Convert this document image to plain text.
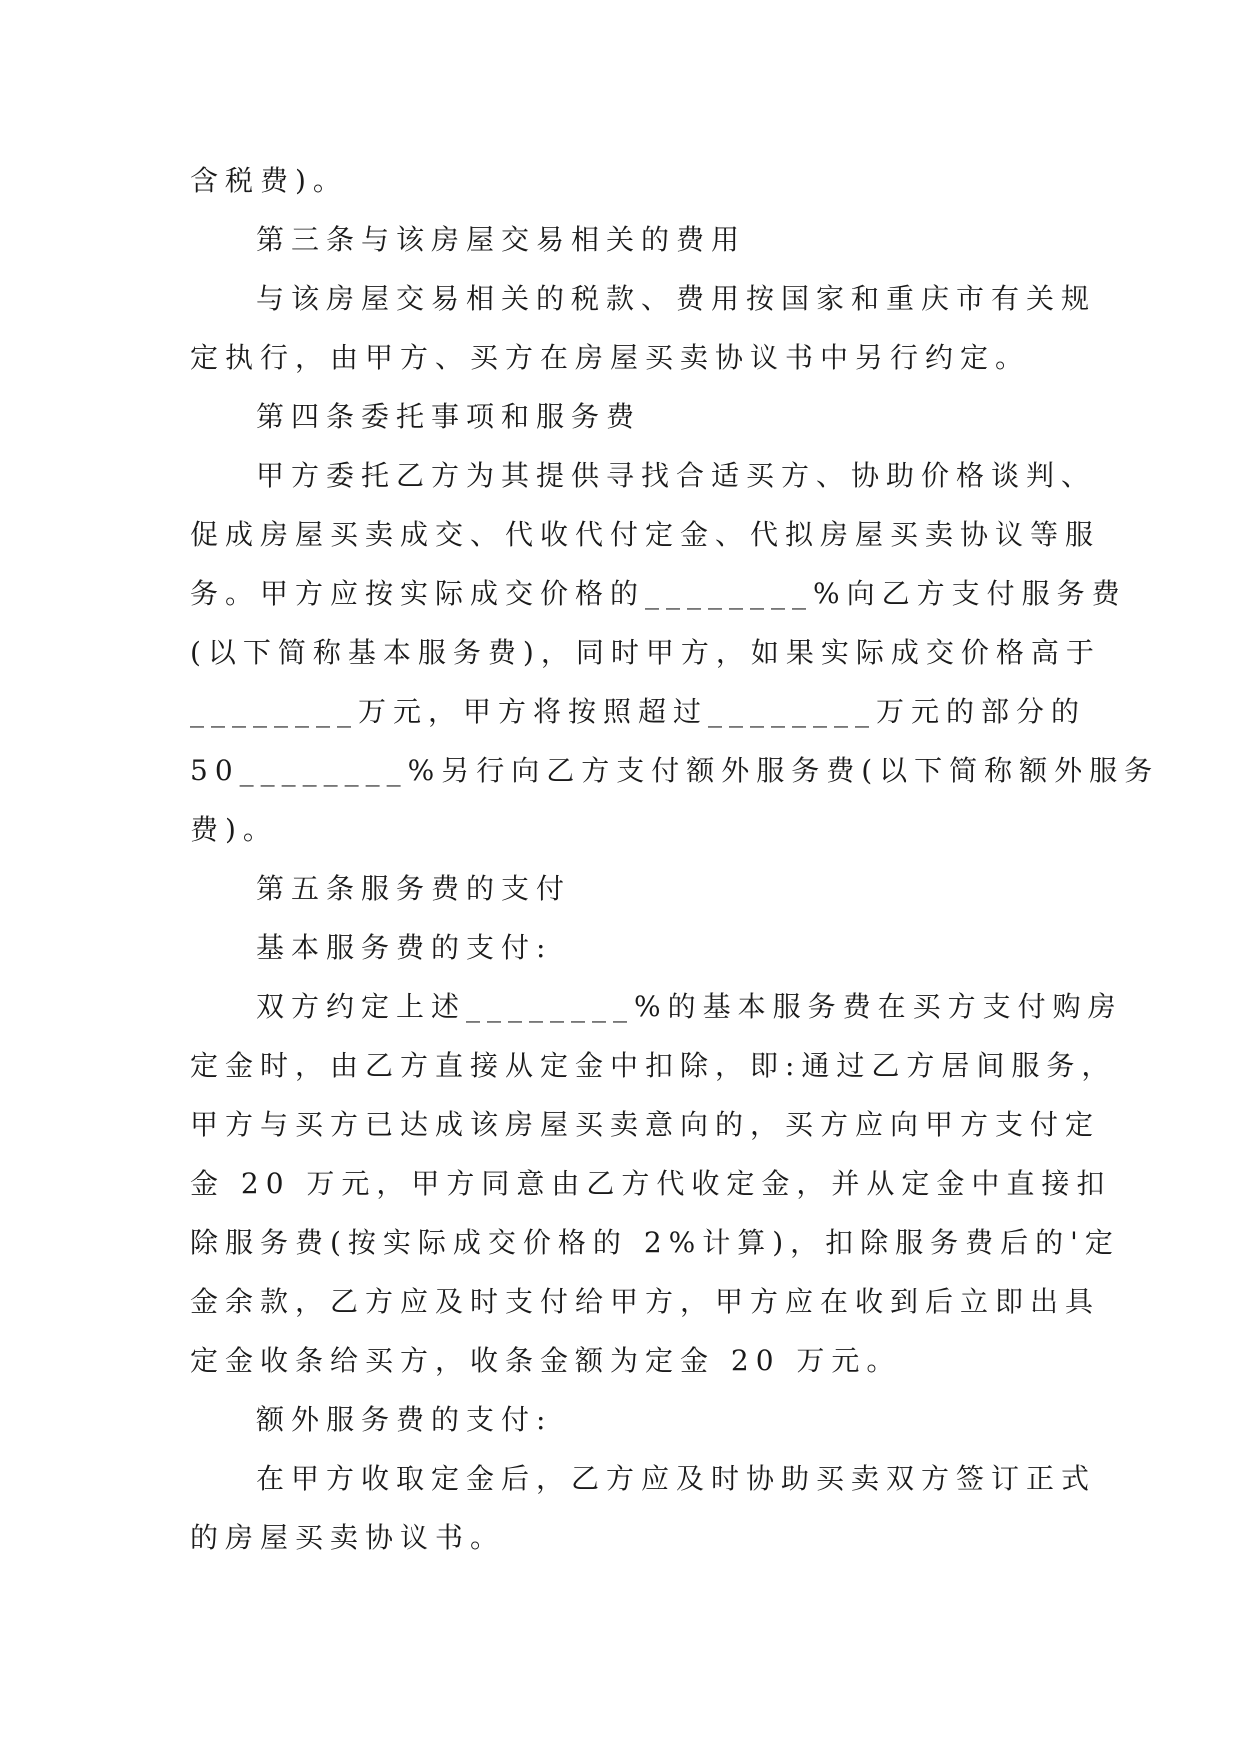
含税费)。
第三条与该房屋交易相关的费用
与该房屋交易相关的税款、费用按国家和重庆市有关规
定执行，由甲方、买方在房屋买卖协议书中另行约定。
第四条委托事项和服务费
甲方委托乙方为其提供寻找合适买方、协助价格谈判、
促成房屋买卖成交、代收代付定金、代拟房屋买卖协议等服
务。甲方应按实际成交价格的________%向乙方支付服务费
(以下简称基本服务费)，同时甲方，如果实际成交价格高于
________万元，甲方将按照超过________万元的部分的
50________%另行向乙方支付额外服务费(以下简称额外服务
费)。
第五条服务费的支付
基本服务费的支付:
双方约定上述________%的基本服务费在买方支付购房
定金时，由乙方直接从定金中扣除，即:通过乙方居间服务，
甲方与买方已达成该房屋买卖意向的，买方应向甲方支付定
金 20 万元，甲方同意由乙方代收定金，并从定金中直接扣
除服务费(按实际成交价格的 2%计算)，扣除服务费后的'定
金余款，乙方应及时支付给甲方，甲方应在收到后立即出具
定金收条给买方，收条金额为定金 20 万元。
额外服务费的支付:
在甲方收取定金后，乙方应及时协助买卖双方签订正式
的房屋买卖协议书。
